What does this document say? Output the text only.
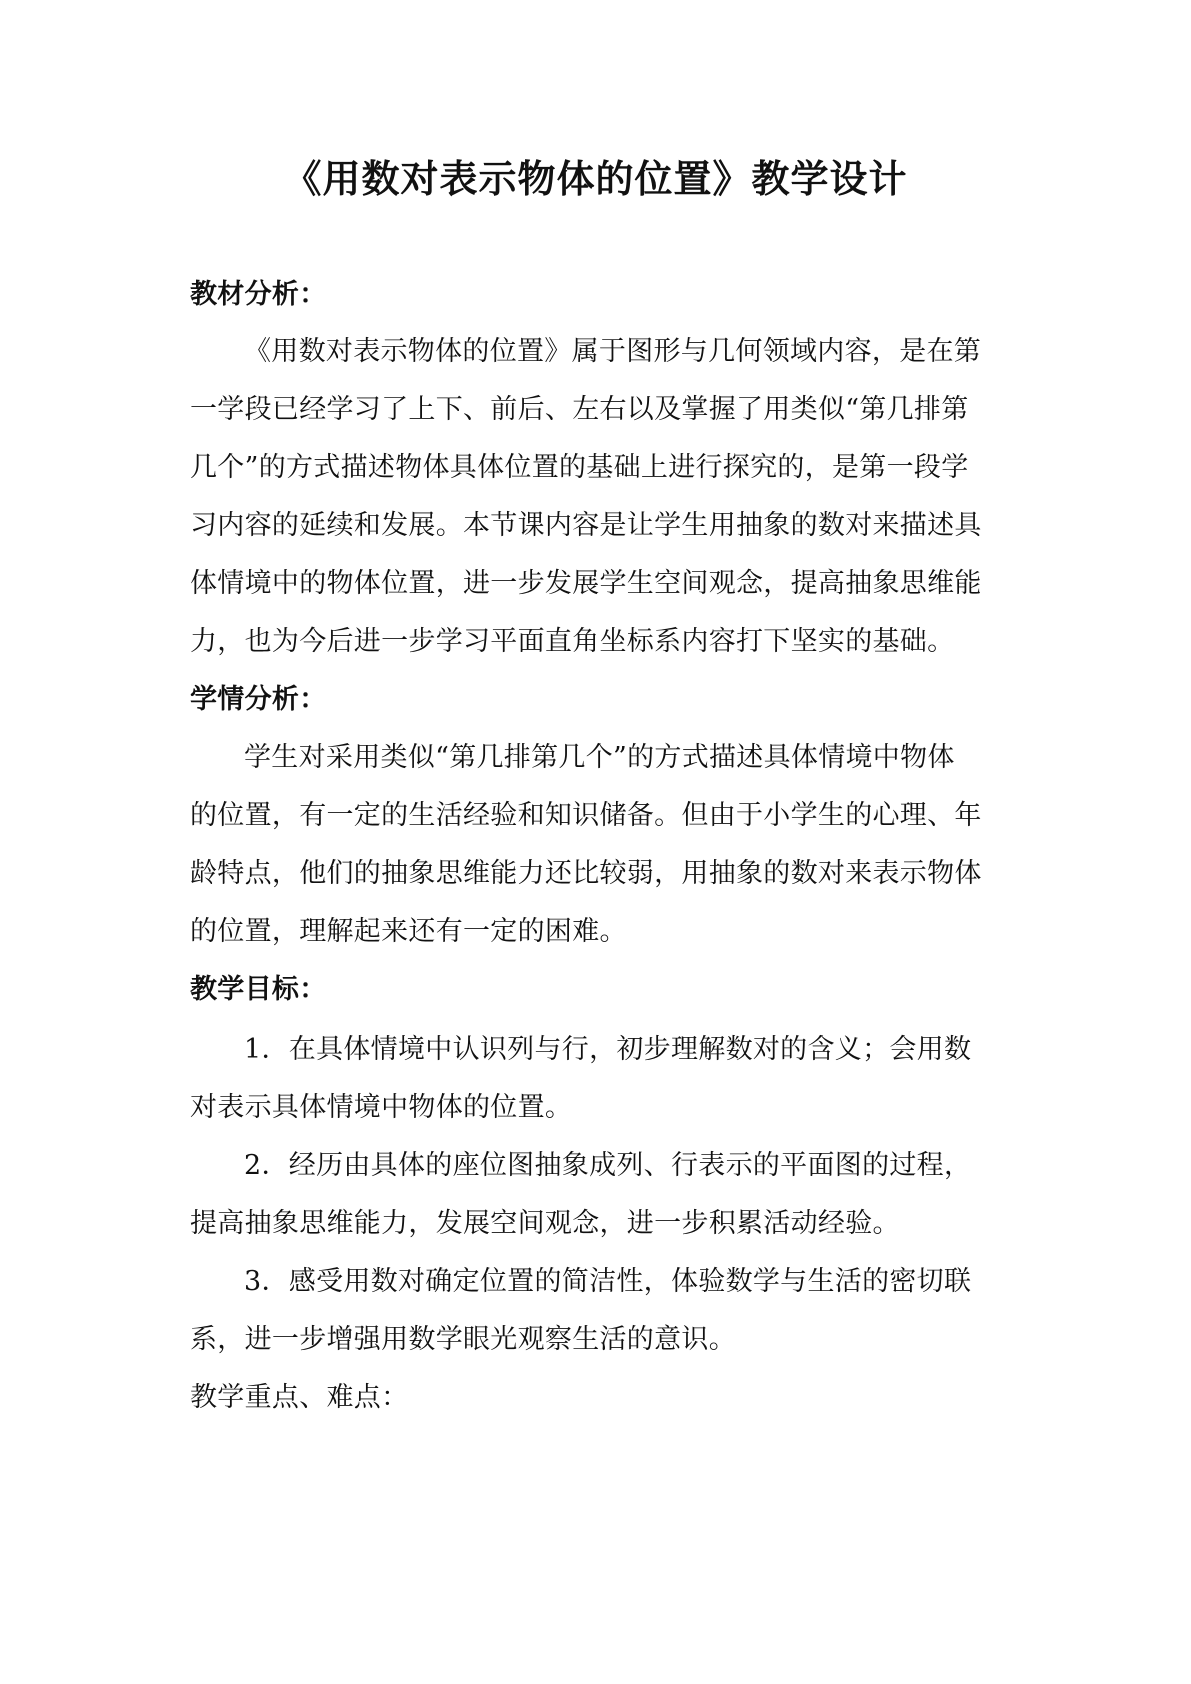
《用数对表示物体的位置》教学设计
教材分析：
《用数对表示物体的位置》属于图形与几何领域内容，是在第
一学段已经学习了上下、前后、左右以及掌握了用类似“第几排第
几个”的方式描述物体具体位置的基础上进行探究的，是第一段学
习内容的延续和发展。本节课内容是让学生用抽象的数对来描述具
体情境中的物体位置，进一步发展学生空间观念，提高抽象思维能
力，也为今后进一步学习平面直角坐标系内容打下坚实的基础。
学情分析：
学生对采用类似“第几排第几个”的方式描述具体情境中物体
的位置，有一定的生活经验和知识储备。但由于小学生的心理、年
龄特点，他们的抽象思维能力还比较弱，用抽象的数对来表示物体
的位置，理解起来还有一定的困难。
教学目标：
1．在具体情境中认识列与行，初步理解数对的含义；会用数
对表示具体情境中物体的位置。
2．经历由具体的座位图抽象成列、行表示的平面图的过程，
提高抽象思维能力，发展空间观念，进一步积累活动经验。
3．感受用数对确定位置的简洁性，体验数学与生活的密切联
系，进一步增强用数学眼光观察生活的意识。
教学重点、难点：
